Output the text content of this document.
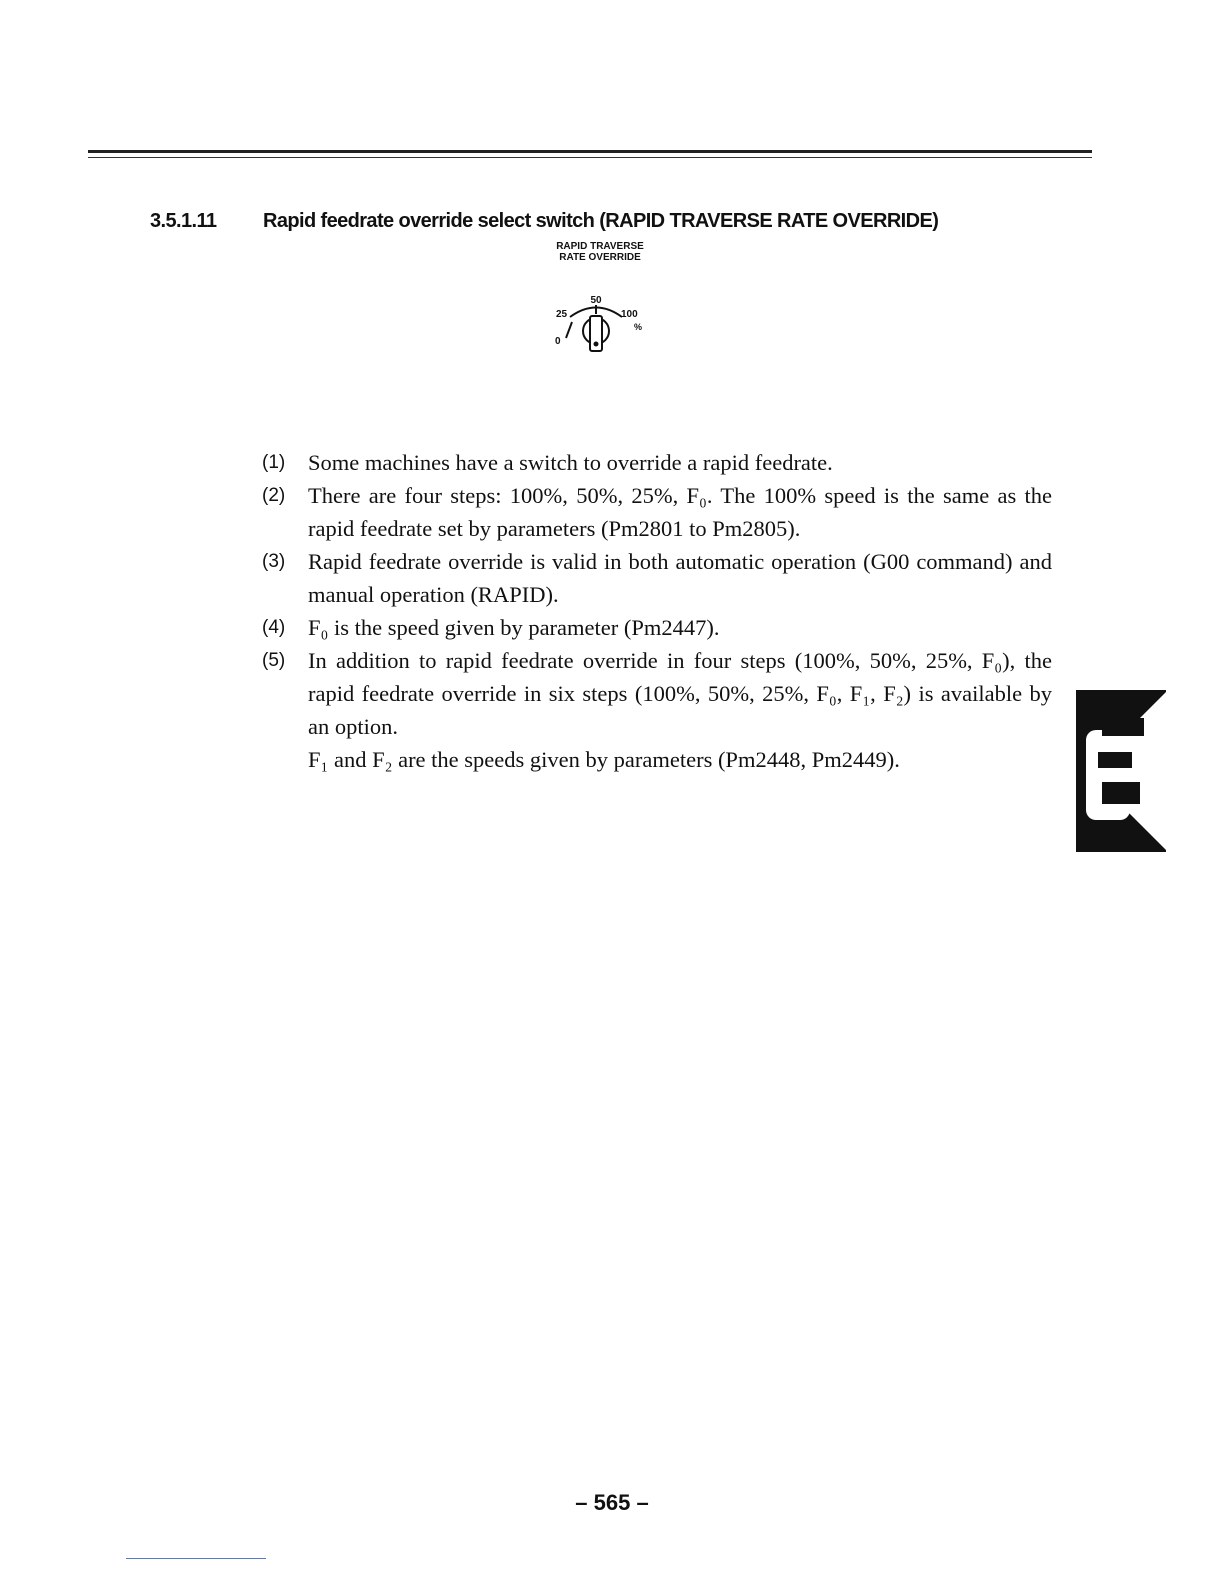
3.5.1.11 Rapid feedrate override select switch (RAPID TRAVERSE RATE OVERRIDE)
RAPID TRAVERSE
RATE OVERRIDE
50
25	100
0
%
(1) Some machines have a switch to override a rapid feedrate.
(2) There are four steps: 100%, 50%, 25%, F₀. The 100% speed is the same as the rapid feedrate set by parameters (Pm2801 to Pm2805).
(3) Rapid feedrate override is valid in both automatic operation (G00 command) and manual operation (RAPID).
(4) F₀ is the speed given by parameter (Pm2447).
(5) In addition to rapid feedrate override in four steps (100%, 50%, 25%, F₀), the rapid feedrate override in six steps (100%, 50%, 25%, F₀, F₁, F₂) is available by an option.
F₁ and F₂ are the speeds given by parameters (Pm2448, Pm2449).
3
– 565 –
